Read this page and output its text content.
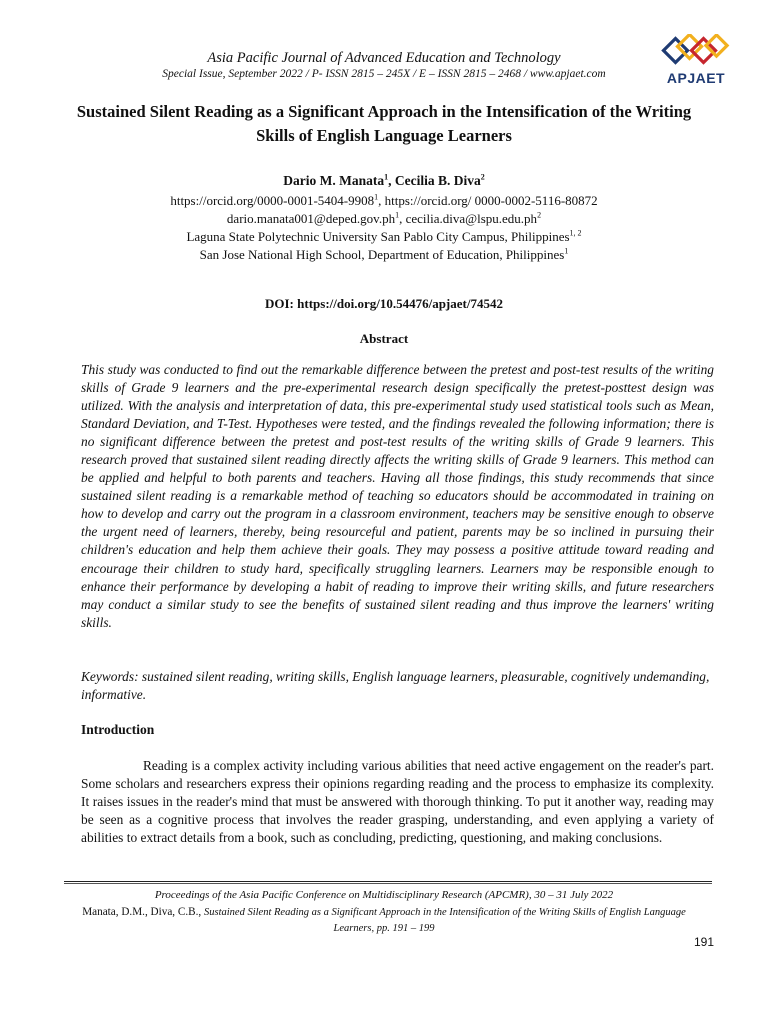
Asia Pacific Journal of Advanced Education and Technology
Special Issue, September 2022 / P- ISSN 2815 – 245X / E – ISSN 2815 – 2468 / www.apjaet.com	APJAET
Sustained Silent Reading as a Significant Approach in the Intensification of the Writing Skills of English Language Learners
Dario M. Manata$^1$, Cecilia B. Diva$^2$
https://orcid.org/0000-0001-5404-9908$^1$, https://orcid.org/ 0000-0002-5116-80872
$dario.manata001@deped.gov.ph^1$, $cecilia.diva@lspu.edu.ph^2$
Laguna State Polytechnic University San Pablo City Campus, Philippines$^{1, 2}$
San Jose National High School, Department of Education, Philippines$^1$
DOI: https://doi.org/10.54476/apjaet/74542
Abstract

This study was conducted to find out the remarkable difference between the pretest and post-test results of the writing skills of Grade 9 learners and the pre-experimental research design specifically the pretest-posttest design was utilized. With the analysis and interpretation of data, this pre-experimental study used statistical tools such as Mean, Standard Deviation, and T-Test. Hypotheses were tested, and the findings revealed the following information; there is no significant difference between the pretest and post-test results of the writing skills of Grade 9 learners. This research proved that sustained silent reading directly affects the writing skills of Grade 9 learners. This method can be applied and helpful to both parents and teachers. Having all those findings, this study recommends that since sustained silent reading is a remarkable method of teaching so educators should be accommodated in training on how to develop and carry out the program in a classroom environment, teachers may be sensitive enough to observe the urgent need of learners, thereby, being resourceful and patient, parents may be so inclined in pursuing their children's education and help them achieve their goals. They may possess a positive attitude toward reading and encourage their children to study hard, specifically struggling learners. Learners may be responsible enough to enhance their performance by developing a habit of reading to improve their writing skills, and future researchers may conduct a similar study to see the benefits of sustained silent reading and thus improve the learners' writing skills.

Keywords: sustained silent reading, writing skills, English language learners, pleasurable, cognitively undemanding, informative.

Introduction

Reading is a complex activity including various abilities that need active engagement on the reader's part. Some scholars and researchers express their opinions regarding reading and the process to emphasize its complexity. It raises issues in the reader's mind that must be answered with thorough thinking. To put it another way, reading may be seen as a cognitive process that involves the reader grasping, understanding, and even applying a variety of abilities to extract details from a book, such as concluding, predicting, questioning, and making conclusions.

Proceedings of the Asia Pacific Conference on Multidisciplinary Research (APCMR), 30 – 31 July 2022
Manata, D.M., Diva, C.B., Sustained Silent Reading as a Significant Approach in the Intensification of the Writing Skills of English Language Learners, pp. 191 – 199
191
